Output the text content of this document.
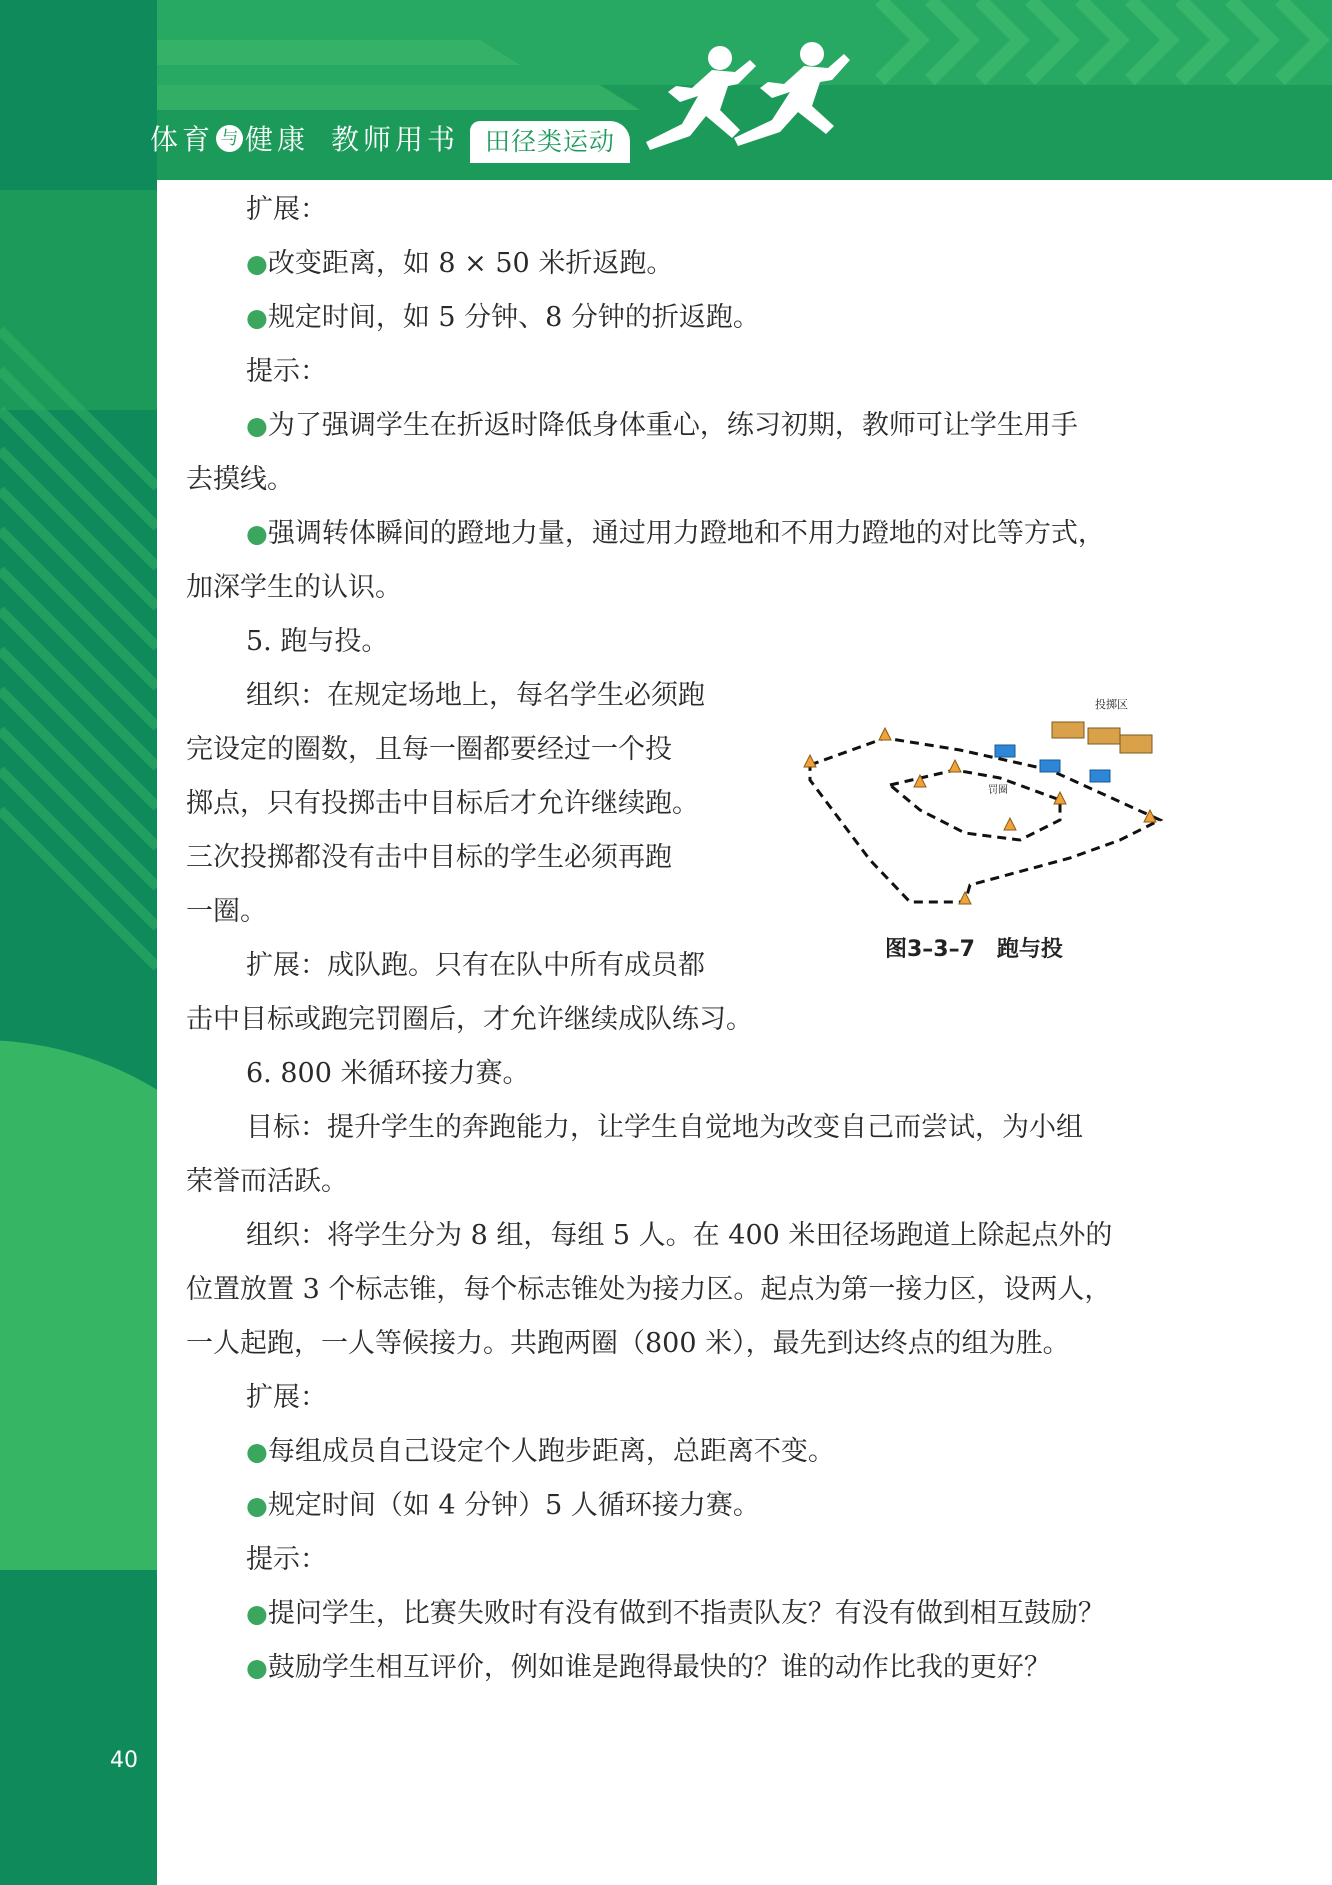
体育 与 健康 教师用书	田径类运动
扩展：
●改变距离，如 8 × 50 米折返跑。
●规定时间，如 5 分钟、8 分钟的折返跑。
提示：
●为了强调学生在折返时降低身体重心，练习初期，教师可让学生用手
去摸线。
●强调转体瞬间的蹬地力量，通过用力蹬地和不用力蹬地的对比等方式，
加深学生的认识。
5. 跑与投。
组织：在规定场地上，每名学生必须跑
完设定的圈数，且每一圈都要经过一个投
掷点，只有投掷击中目标后才允许继续跑。
三次投掷都没有击中目标的学生必须再跑
一圈。
扩展：成队跑。只有在队中所有成员都
击中目标或跑完罚圈后，才允许继续成队练习。
6. 800 米循环接力赛。
目标：提升学生的奔跑能力，让学生自觉地为改变自己而尝试，为小组
荣誉而活跃。
组织：将学生分为 8 组，每组 5 人。在 400 米田径场跑道上除起点外的
位置放置 3 个标志锥，每个标志锥处为接力区。起点为第一接力区，设两人，
一人起跑，一人等候接力。共跑两圈（800 米），最先到达终点的组为胜。
扩展：
●每组成员自己设定个人跑步距离，总距离不变。
●规定时间（如 4 分钟）5 人循环接力赛。
提示：
●提问学生，比赛失败时有没有做到不指责队友？有没有做到相互鼓励？
●鼓励学生相互评价，例如谁是跑得最快的？谁的动作比我的更好？
投掷区
罚圈
图3–3–7　跑与投
40
